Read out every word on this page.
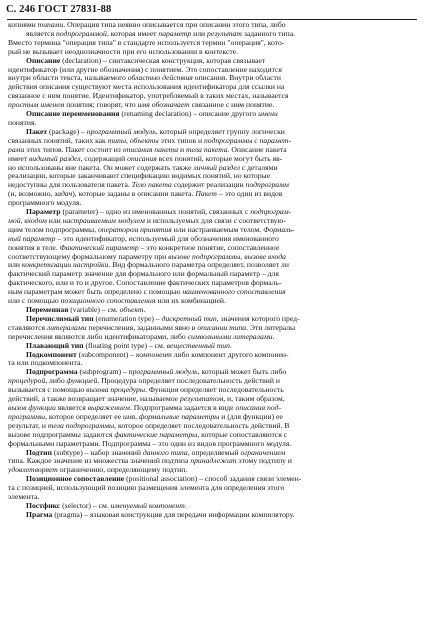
С. 246 ГОСТ 27831-88
копиями типами. Операция типа неявно описывается при описании этого типа, либо
является подпрограммой, которая имеет параметр или результат заданного типа.
Вместо термина "операция типа" в стандарте используется термин "операция", кото-
рый не вызывает неоднозначности при его использовании в контексте.
Описание (declaration) – синтаксическая конструкция, которая связывает
идентификатор (или другие обозначения) с понятием. Это сопоставление находится
внутри области текста, называемого областью действия описания. Внутри области
действия описания существуют места использования идентификатора для ссылки на
связанное с ним понятие. Идентификатор, употребляемый в таких местах, называется
простым именем понятия; говорят, что имя обозначает связанное с ним понятие.
Описание переименования (renaming declaration) – описание другого имени
понятия.
Пакет (package) – программный модуль, который определяет группу логически
связанных понятий, таких как типы, объекты этих типов и подпрограммы с парамет-
рами этих типов. Пакет состоит из описания пакета и тела пакета. Описание пакета
имеет видимый раздел, содержащий описания всех понятий, которые могут быть яв-
но использованы вне пакета. Он может содержать также личный раздел с деталями
реализации, которые заканчивают спецификацию видимых понятий, но которые
недоступны для пользователя пакета. Тело пакета содержит реализации подпрограмм
(и, возможно, задач), которые заданы в описании пакета. Пакет – это один из видов
программного модуля.
Параметр (parameter) – одно из именованных понятий, связанных с подпрограм-
мой, входом или настраиваемым модулем и используемых для связи с соответствую-
щим телом подпрограммы, оператором принятия или настраиваемым телом. Формаль-
ный параметр – это идентификатор, используемый для обозначения именованного
понятия в теле. Фактический параметр – это конкретное понятие, сопоставленное
соответствующему формальному параметру при вызове подпрограммы, вызове входа
или конкретизации настройки. Вид формального параметра определяет, позволяет ли
фактический параметр значение для формального или формальный параметр – для
фактического, или и то и другое. Сопоставление фактических параметров формаль-
ным параметрам может быть определено с помощью наименованного сопоставления
или с помощью позиционного сопоставления или их комбинацией.
Переменная (variable) – см. объект.
Перечислимый тип (enumeration type) – дискретный тип, значения которого пред-
ставляются литералами перечисления, заданными явно в описании типа. Эти литералы
перечисления являются либо идентификаторами, либо символьными литералами.
Плавающий тип (floating point type) – см. вещественный тип.
Подкомпонент (subcomponent) – компонент либо компонент другого компонен-
та или подкомпонента.
Подпрограмма (subprogram) – программный модуль, который может быть либо
процедурой, либо функцией. Процедура определяет последовательность действий и
вызывается с помощью вызова процедуры. Функция определяет последовательность
действий, а также возвращает значение, называемое результатом, и, таким образом,
вызов функции является выражением. Подпрограмма задается в виде описания под-
программы, которое определяет ее имя, формальные параметры и (для функции) ее
результат, и тела подпрограммы, которое определяет последовательность действий. В
вызове подпрограммы задаются фактические параметры, которые сопоставляются с
формальными параметрами. Подпрограмма – это один из видов программного модуля.
Подтип (subtype) – набор значений данного типа, определяемый ограничением
типа. Каждое значение из множества значений подтипа принадлежит этому подтипу и
удовлетворяет ограничению, определяющему подтип.
Позиционное сопоставление (positional association) – способ задания связи элемен-
та с позицией, использующий позицию размещения элемента для определения этого
элемента.
Постфикс (selector) – см. именуемый компонент.
Прагма (pragma) – языковая конструкция для передачи информации компилятору.
